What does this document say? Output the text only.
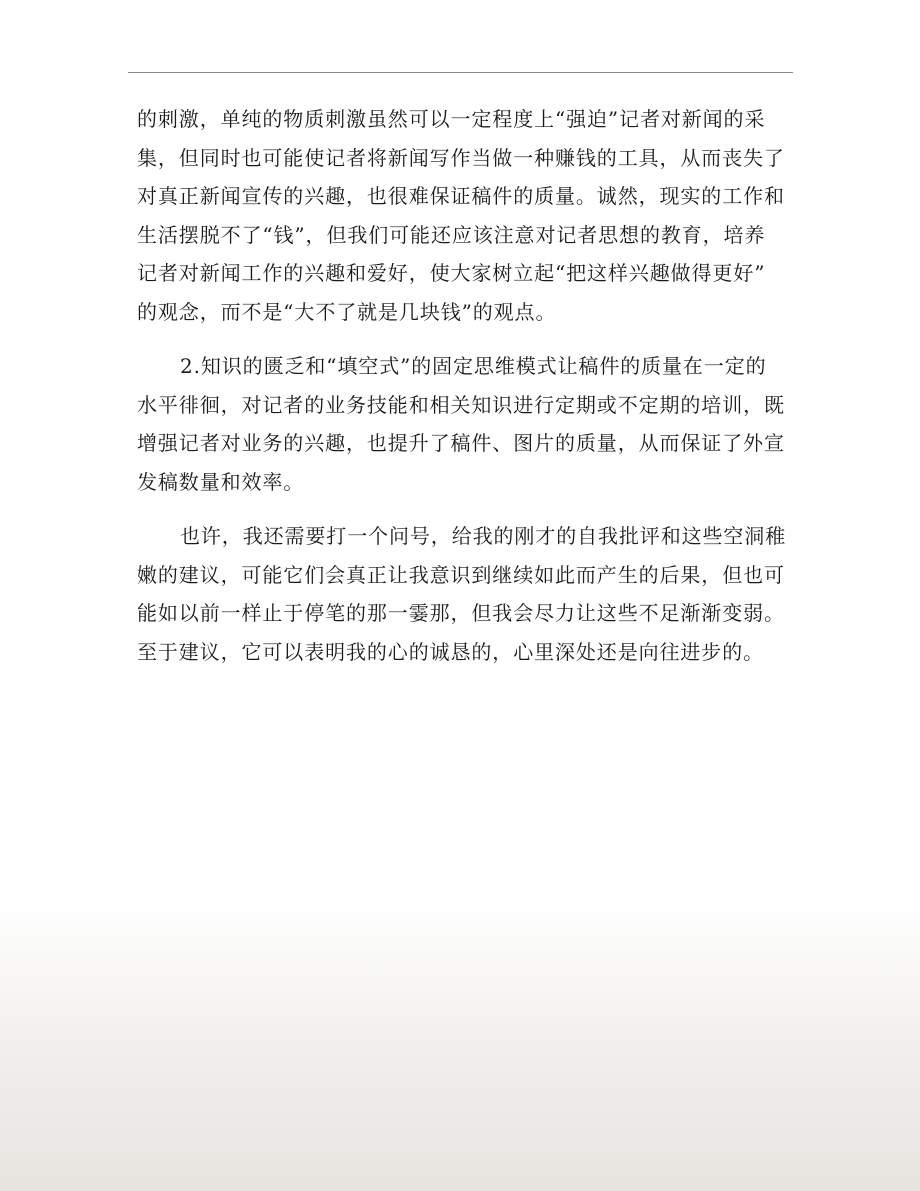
的刺激，单纯的物质刺激虽然可以一定程度上“强迫”记者对新闻的采
集，但同时也可能使记者将新闻写作当做一种赚钱的工具，从而丧失了
对真正新闻宣传的兴趣，也很难保证稿件的质量。诚然，现实的工作和
生活摆脱不了“钱”，但我们可能还应该注意对记者思想的教育，培养
记者对新闻工作的兴趣和爱好，使大家树立起“把这样兴趣做得更好”
的观念，而不是“大不了就是几块钱”的观点。

2.知识的匮乏和“填空式”的固定思维模式让稿件的质量在一定的
水平徘徊，对记者的业务技能和相关知识进行定期或不定期的培训，既
增强记者对业务的兴趣，也提升了稿件、图片的质量，从而保证了外宣
发稿数量和效率。

也许，我还需要打一个问号，给我的刚才的自我批评和这些空洞稚
嫩的建议，可能它们会真正让我意识到继续如此而产生的后果，但也可
能如以前一样止于停笔的那一霎那，但我会尽力让这些不足渐渐变弱。
至于建议，它可以表明我的心的诚恳的，心里深处还是向往进步的。
